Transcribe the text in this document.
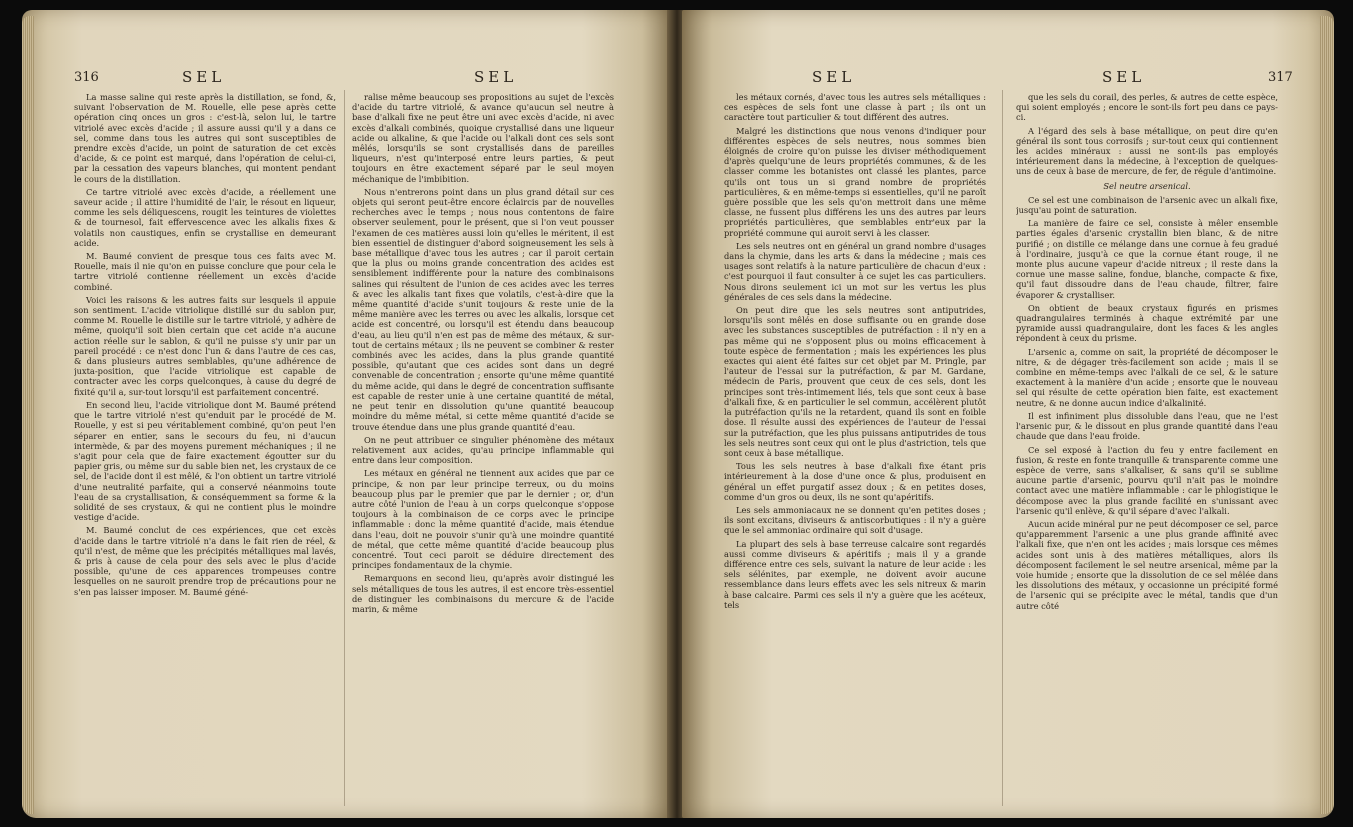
316	SEL	SEL

La masse saline qui reste après la distillation, se fond, &, suivant l'observation de M. Rouelle, elle pese après cette opération cinq onces un gros : c'est-là, selon lui, le tartre vitriolé avec excès d'acide ; il assure aussi qu'il y a dans ce sel, comme dans tous les autres qui sont susceptibles de prendre excès d'acide, un point de saturation de cet excès d'acide, & ce point est marqué, dans l'opération de celui-ci, par la cessation des vapeurs blanches, qui montent pendant le cours de la distillation.

Ce tartre vitriolé avec excès d'acide, a réellement une saveur acide ; il attire l'humidité de l'air, le résout en liqueur, comme les sels déliquescens, rougit les teintures de violettes & de tournesol, fait effervescence avec les alkalis fixes & volatils non caustiques, enfin se crystallise en demeurant acide.

M. Baumé convient de presque tous ces faits avec M. Rouelle, mais il nie qu'on en puisse conclure que pour cela le tartre vitriolé contienne réellement un excès d'acide combiné.

Voici les raisons & les autres faits sur lesquels il appuie son sentiment. L'acide vitriolique distillé sur du sablon pur, comme M. Rouelle le distille sur le tartre vitriolé, y adhère de même, quoiqu'il soit bien certain que cet acide n'a aucune action réelle sur le sablon, & qu'il ne puisse s'y unir par un pareil procédé : ce n'est donc l'un & dans l'autre de ces cas, & dans plusieurs autres semblables, qu'une adhérence de juxta-position, que l'acide vitriolique est capable de contracter avec les corps quelconques, à cause du degré de fixité qu'il a, sur-tout lorsqu'il est parfaitement concentré.

En second lieu, l'acide vitriolique dont M. Baumé prétend que le tartre vitriolé n'est qu'enduit par le procédé de M. Rouelle, y est si peu véritablement combiné, qu'on peut l'en séparer en entier, sans le secours du feu, ni d'aucun intermède, & par des moyens purement méchaniques ; il ne s'agit pour cela que de faire exactement égoutter sur du papier gris, ou même sur du sable bien net, les crystaux de ce sel, de l'acide dont il est mêlé, & l'on obtient un tartre vitriolé d'une neutralité parfaite, qui a conservé néanmoins toute l'eau de sa crystallisation, & conséquemment sa forme & la solidité de ses crystaux, & qui ne contient plus le moindre vestige d'acide.

M. Baumé conclut de ces expériences, que cet excès d'acide dans le tartre vitriolé n'a dans le fait rien de réel, & qu'il n'est, de même que les précipités métalliques mal lavés, & pris à cause de cela pour des sels avec le plus d'acide possible, qu'une de ces apparences trompeuses contre lesquelles on ne sauroit prendre trop de précautions pour ne s'en pas laisser imposer. M. Baumé géné-

ralise même beaucoup ses propositions au sujet de l'excès d'acide du tartre vitriolé, & avance qu'aucun sel neutre à base d'alkali fixe ne peut être uni avec excès d'acide, ni avec excès d'alkali combinés, quoique crystallisé dans une liqueur acide ou alkaline, & que l'acide ou l'alkali dont ces sels sont mêlés, lorsqu'ils se sont crystallisés dans de pareilles liqueurs, n'est qu'interposé entre leurs parties, & peut toujours en être exactement séparé par le seul moyen méchanique de l'imbibition.

Nous n'entrerons point dans un plus grand détail sur ces objets qui seront peut-être encore éclaircis par de nouvelles recherches avec le temps ; nous nous contentons de faire observer seulement, pour le présent, que si l'on veut pousser l'examen de ces matières aussi loin qu'elles le méritent, il est bien essentiel de distinguer d'abord soigneusement les sels à base métallique d'avec tous les autres ; car il paroit certain que la plus ou moins grande concentration des acides est sensiblement indifférente pour la nature des combinaisons salines qui résultent de l'union de ces acides avec les terres & avec les alkalis tant fixes que volatils, c'est-à-dire que la même quantité d'acide s'unit toujours & reste unie de la même manière avec les terres ou avec les alkalis, lorsque cet acide est concentré, ou lorsqu'il est étendu dans beaucoup d'eau, au lieu qu'il n'en est pas de même des métaux, & sur-tout de certains métaux ; ils ne peuvent se combiner & rester combinés avec les acides, dans la plus grande quantité possible, qu'autant que ces acides sont dans un degré convenable de concentration ; ensorte qu'une même quantité du même acide, qui dans le degré de concentration suffisante est capable de rester unie à une certaine quantité de métal, ne peut tenir en dissolution qu'une quantité beaucoup moindre du même métal, si cette même quantité d'acide se trouve étendue dans une plus grande quantité d'eau.

On ne peut attribuer ce singulier phénomène des métaux relativement aux acides, qu'au principe inflammable qui entre dans leur composition.

Les métaux en général ne tiennent aux acides que par ce principe, & non par leur principe terreux, ou du moins beaucoup plus par le premier que par le dernier ; or, d'un autre côté l'union de l'eau à un corps quelconque s'oppose toujours à la combinaison de ce corps avec le principe inflammable : donc la même quantité d'acide, mais étendue dans l'eau, doit ne pouvoir s'unir qu'à une moindre quantité de métal, que cette même quantité d'acide beaucoup plus concentré. Tout ceci paroit se déduire directement des principes fondamentaux de la chymie.

Remarquons en second lieu, qu'après avoir distingué les sels métalliques de tous les autres, il est encore très-essentiel de distinguer les combinaisons du mercure & de l'acide marin, & même

SEL	SEL	317

les métaux cornés, d'avec tous les autres sels métalliques : ces espèces de sels font une classe à part ; ils ont un caractère tout particulier & tout différent des autres.

Malgré les distinctions que nous venons d'indiquer pour différentes espèces de sels neutres, nous sommes bien éloignés de croire qu'on puisse les diviser méthodiquement d'après quelqu'une de leurs propriétés communes, & de les classer comme les botanistes ont classé les plantes, parce qu'ils ont tous un si grand nombre de propriétés particulières, & en même-temps si essentielles, qu'il ne paroît guère possible que les sels qu'on mettroit dans une même classe, ne fussent plus différens les uns des autres par leurs propriétés particulières, que semblables entr'eux par la propriété commune qui auroit servi à les classer.

Les sels neutres ont en général un grand nombre d'usages dans la chymie, dans les arts & dans la médecine ; mais ces usages sont relatifs à la nature particulière de chacun d'eux : c'est pourquoi il faut consulter à ce sujet les cas particuliers. Nous dirons seulement ici un mot sur les vertus les plus générales de ces sels dans la médecine.

On peut dire que les sels neutres sont antiputrides, lorsqu'ils sont mêlés en dose suffisante ou en grande dose avec les substances susceptibles de putréfaction : il n'y en a pas même qui ne s'opposent plus ou moins efficacement à toute espèce de fermentation ; mais les expériences les plus exactes qui aient été faites sur cet objet par M. Pringle, par l'auteur de l'essai sur la putréfaction, & par M. Gardane, médecin de Paris, prouvent que ceux de ces sels, dont les principes sont très-intimement liés, tels que sont ceux à base d'alkali fixe, & en particulier le sel commun, accélèrent plutôt la putréfaction qu'ils ne la retardent, quand ils sont en foible dose. Il résulte aussi des expériences de l'auteur de l'essai sur la putréfaction, que les plus puissans antiputrides de tous les sels neutres sont ceux qui ont le plus d'astriction, tels que sont ceux à base métallique.

Tous les sels neutres à base d'alkali fixe étant pris intérieurement à la dose d'une once & plus, produisent en général un effet purgatif assez doux ; & en petites doses, comme d'un gros ou deux, ils ne sont qu'apéritifs.

Les sels ammoniacaux ne se donnent qu'en petites doses ; ils sont excitans, diviseurs & antiscorbutiques : il n'y a guère que le sel ammoniac ordinaire qui soit d'usage.

La plupart des sels à base terreuse calcaire sont regardés aussi comme diviseurs & apéritifs ; mais il y a grande différence entre ces sels, suivant la nature de leur acide : les sels sélénites, par exemple, ne doivent avoir aucune ressemblance dans leurs effets avec les sels nitreux & marin à base calcaire. Parmi ces sels il n'y a guère que les acéteux, tels

que les sels du corail, des perles, & autres de cette espèce, qui soient employés ; encore le sont-ils fort peu dans ce pays-ci.

A l'égard des sels à base métallique, on peut dire qu'en général ils sont tous corrosifs ; sur-tout ceux qui contiennent les acides minéraux : aussi ne sont-ils pas employés intérieurement dans la médecine, à l'exception de quelques-uns de ceux à base de mercure, de fer, de régule d'antimoine.

Sel neutre arsenical.

Ce sel est une combinaison de l'arsenic avec un alkali fixe, jusqu'au point de saturation.

La manière de faire ce sel, consiste à mêler ensemble parties égales d'arsenic crystallin bien blanc, & de nitre purifié ; on distille ce mélange dans une cornue à feu gradué à l'ordinaire, jusqu'à ce que la cornue étant rouge, il ne monte plus aucune vapeur d'acide nitreux ; il reste dans la cornue une masse saline, fondue, blanche, compacte & fixe, qu'il faut dissoudre dans de l'eau chaude, filtrer, faire évaporer & crystalliser.

On obtient de beaux crystaux figurés en prismes quadrangulaires terminés à chaque extrémité par une pyramide aussi quadrangulaire, dont les faces & les angles répondent à ceux du prisme.

L'arsenic a, comme on sait, la propriété de décomposer le nitre, & de dégager très-facilement son acide ; mais il se combine en même-temps avec l'alkali de ce sel, & le sature exactement à la manière d'un acide ; ensorte que le nouveau sel qui résulte de cette opération bien faite, est exactement neutre, & ne donne aucun indice d'alkalinité.

Il est infiniment plus dissoluble dans l'eau, que ne l'est l'arsenic pur, & le dissout en plus grande quantité dans l'eau chaude que dans l'eau froide.

Ce sel exposé à l'action du feu y entre facilement en fusion, & reste en fonte tranquille & transparente comme une espèce de verre, sans s'alkaliser, & sans qu'il se sublime aucune partie d'arsenic, pourvu qu'il n'ait pas le moindre contact avec une matière inflammable : car le phlogistique le décompose avec la plus grande facilité en s'unissant avec l'arsenic qu'il enlève, & qu'il sépare d'avec l'alkali.

Aucun acide minéral pur ne peut décomposer ce sel, parce qu'apparemment l'arsenic a une plus grande affinité avec l'alkali fixe, que n'en ont les acides ; mais lorsque ces mêmes acides sont unis à des matières métalliques, alors ils décomposent facilement le sel neutre arsenical, même par la voie humide ; ensorte que la dissolution de ce sel mêlée dans les dissolutions des métaux, y occasionne un précipité formé de l'arsenic qui se précipite avec le métal, tandis que d'un autre côté
